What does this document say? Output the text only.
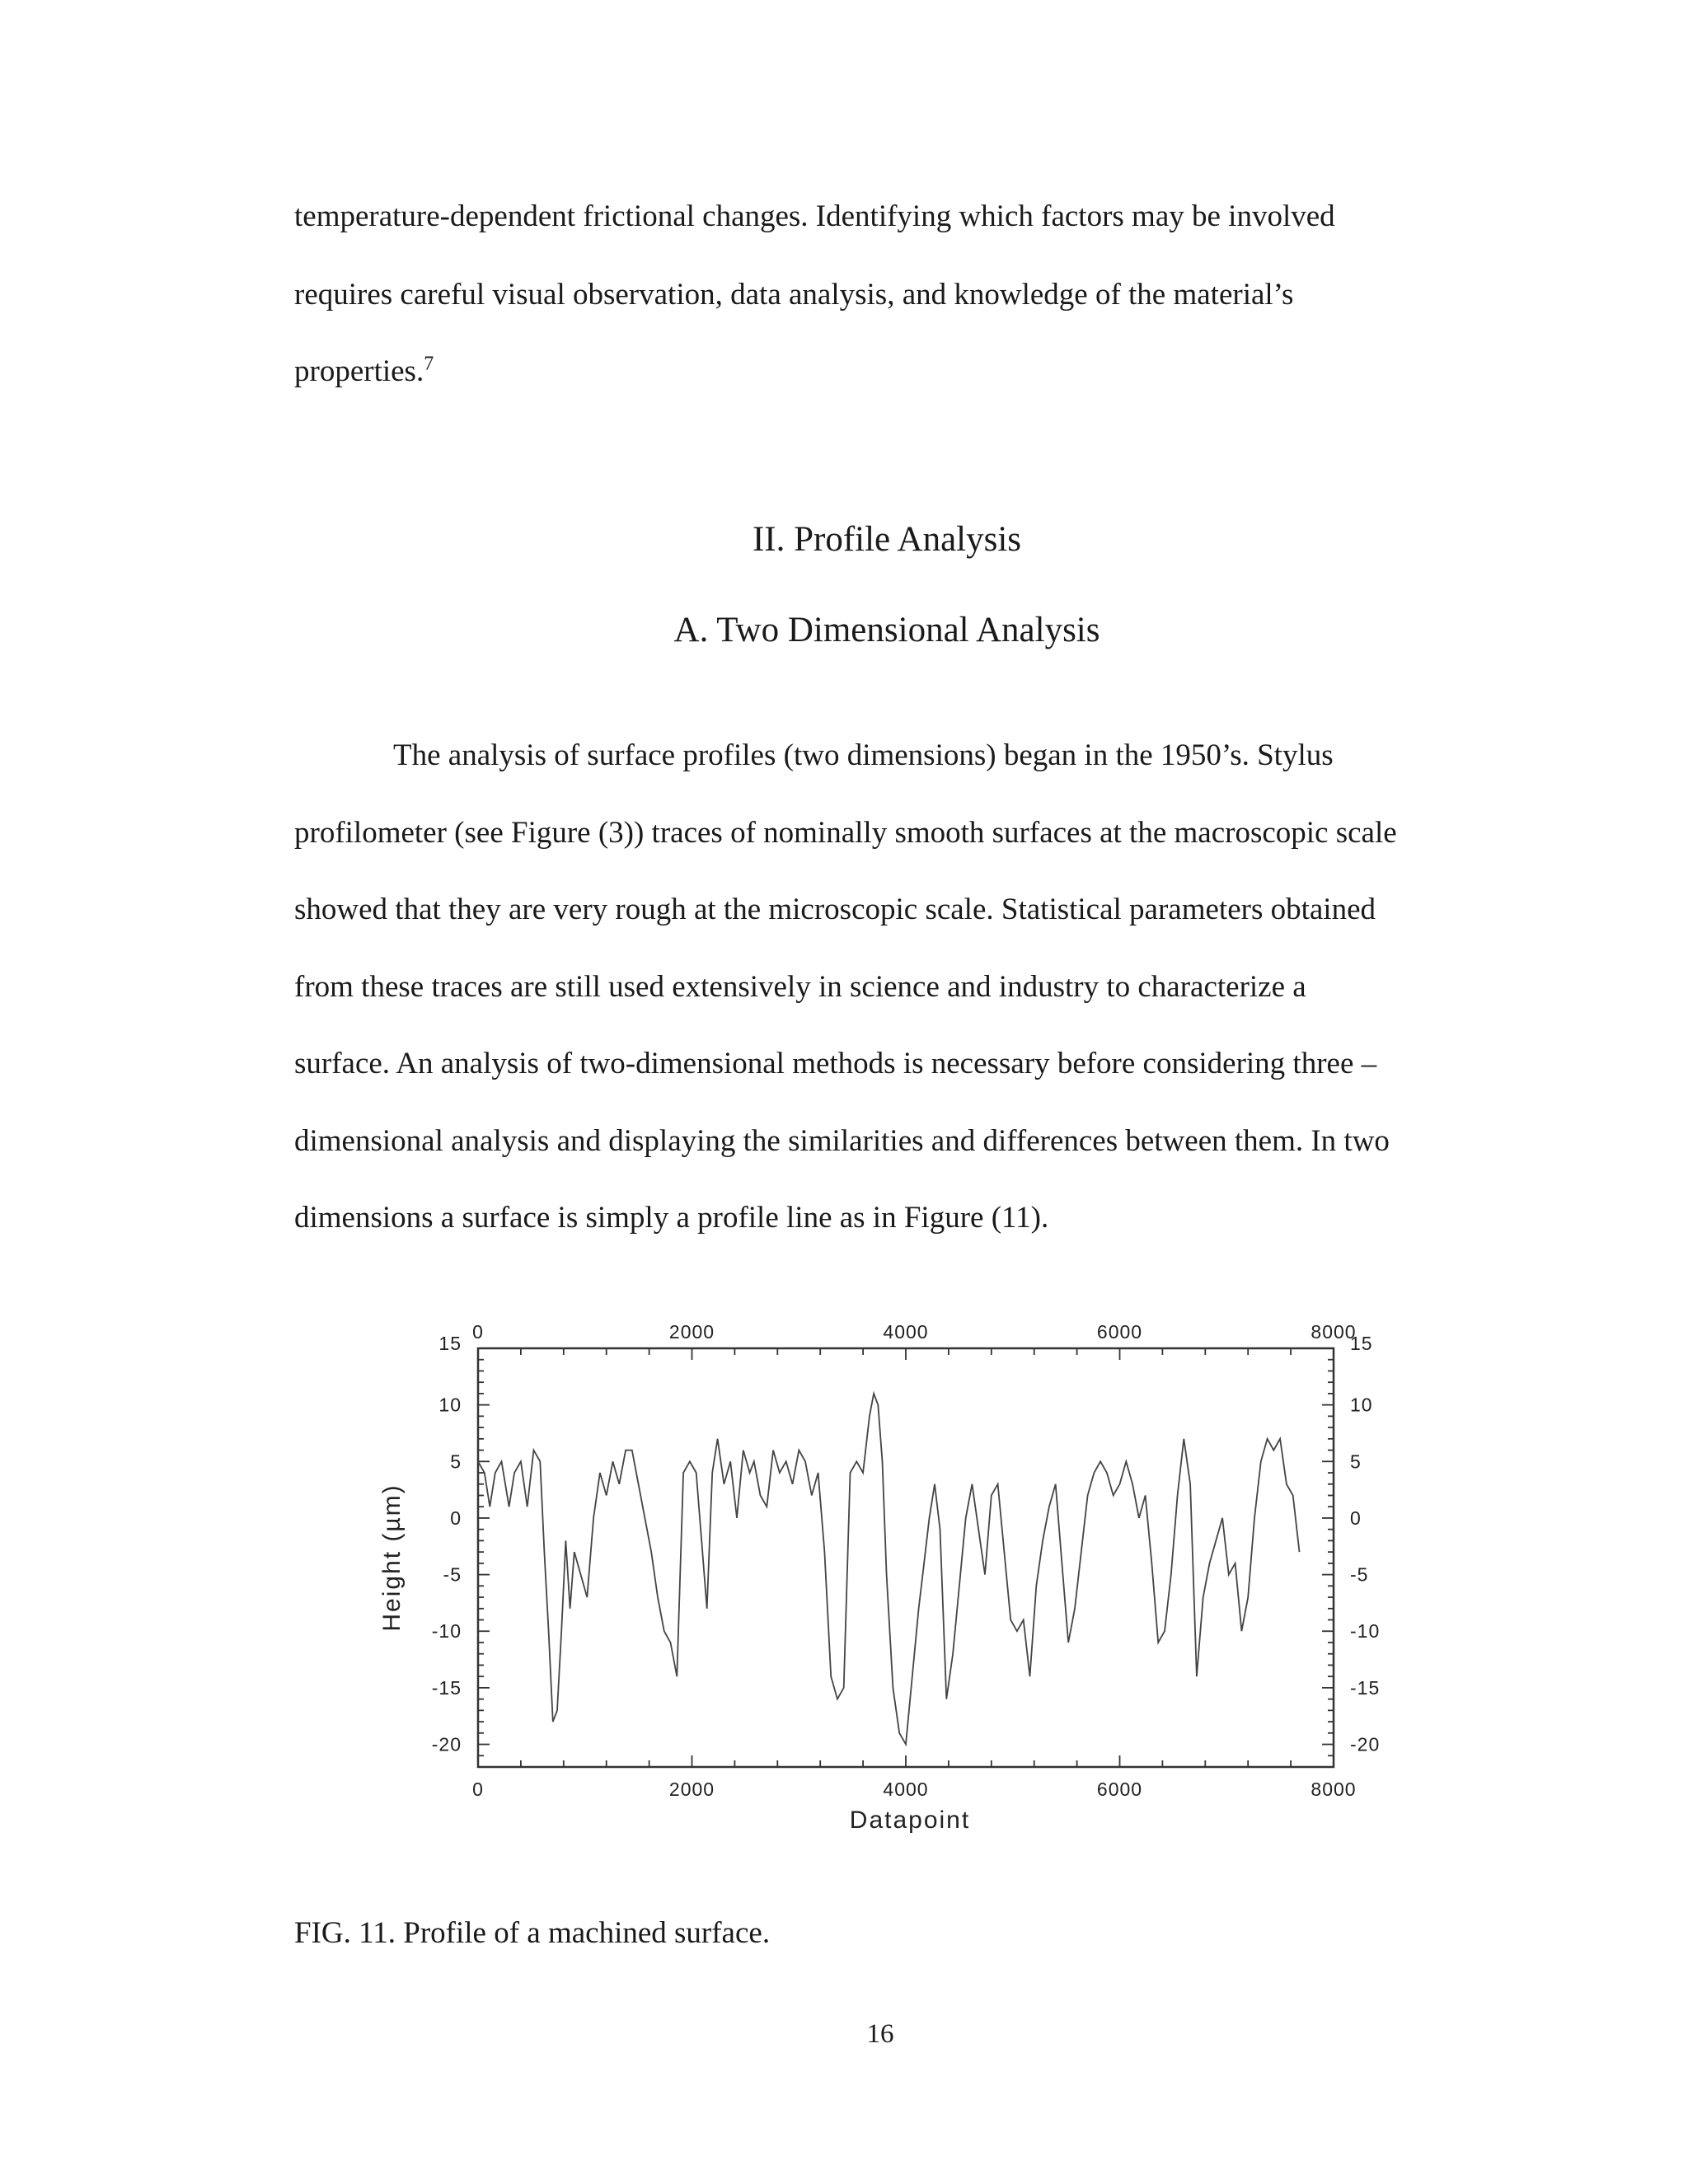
temperature-dependent frictional changes. Identifying which factors may be involved
requires careful visual observation, data analysis, and knowledge of the material’s
properties.$^7$
II. Profile Analysis
A. Two Dimensional Analysis
The analysis of surface profiles (two dimensions) began in the 1950’s. Stylus
profilometer (see Figure (3)) traces of nominally smooth surfaces at the macroscopic scale
showed that they are very rough at the microscopic scale. Statistical parameters obtained
from these traces are still used extensively in science and industry to characterize a
surface. An analysis of two-dimensional methods is necessary before considering three –
dimensional analysis and displaying the similarities and differences between them. In two
dimensions a surface is simply a profile line as in Figure (11).
0
0
2000
2000
4000
4000
6000
6000
8000
8000
15	15
10	10
5	5
0	0
-5	-5
-10	-10
-15	-15
-20	-20
Datapoint
Height (µm)
FIG. 11. Profile of a machined surface.
16
